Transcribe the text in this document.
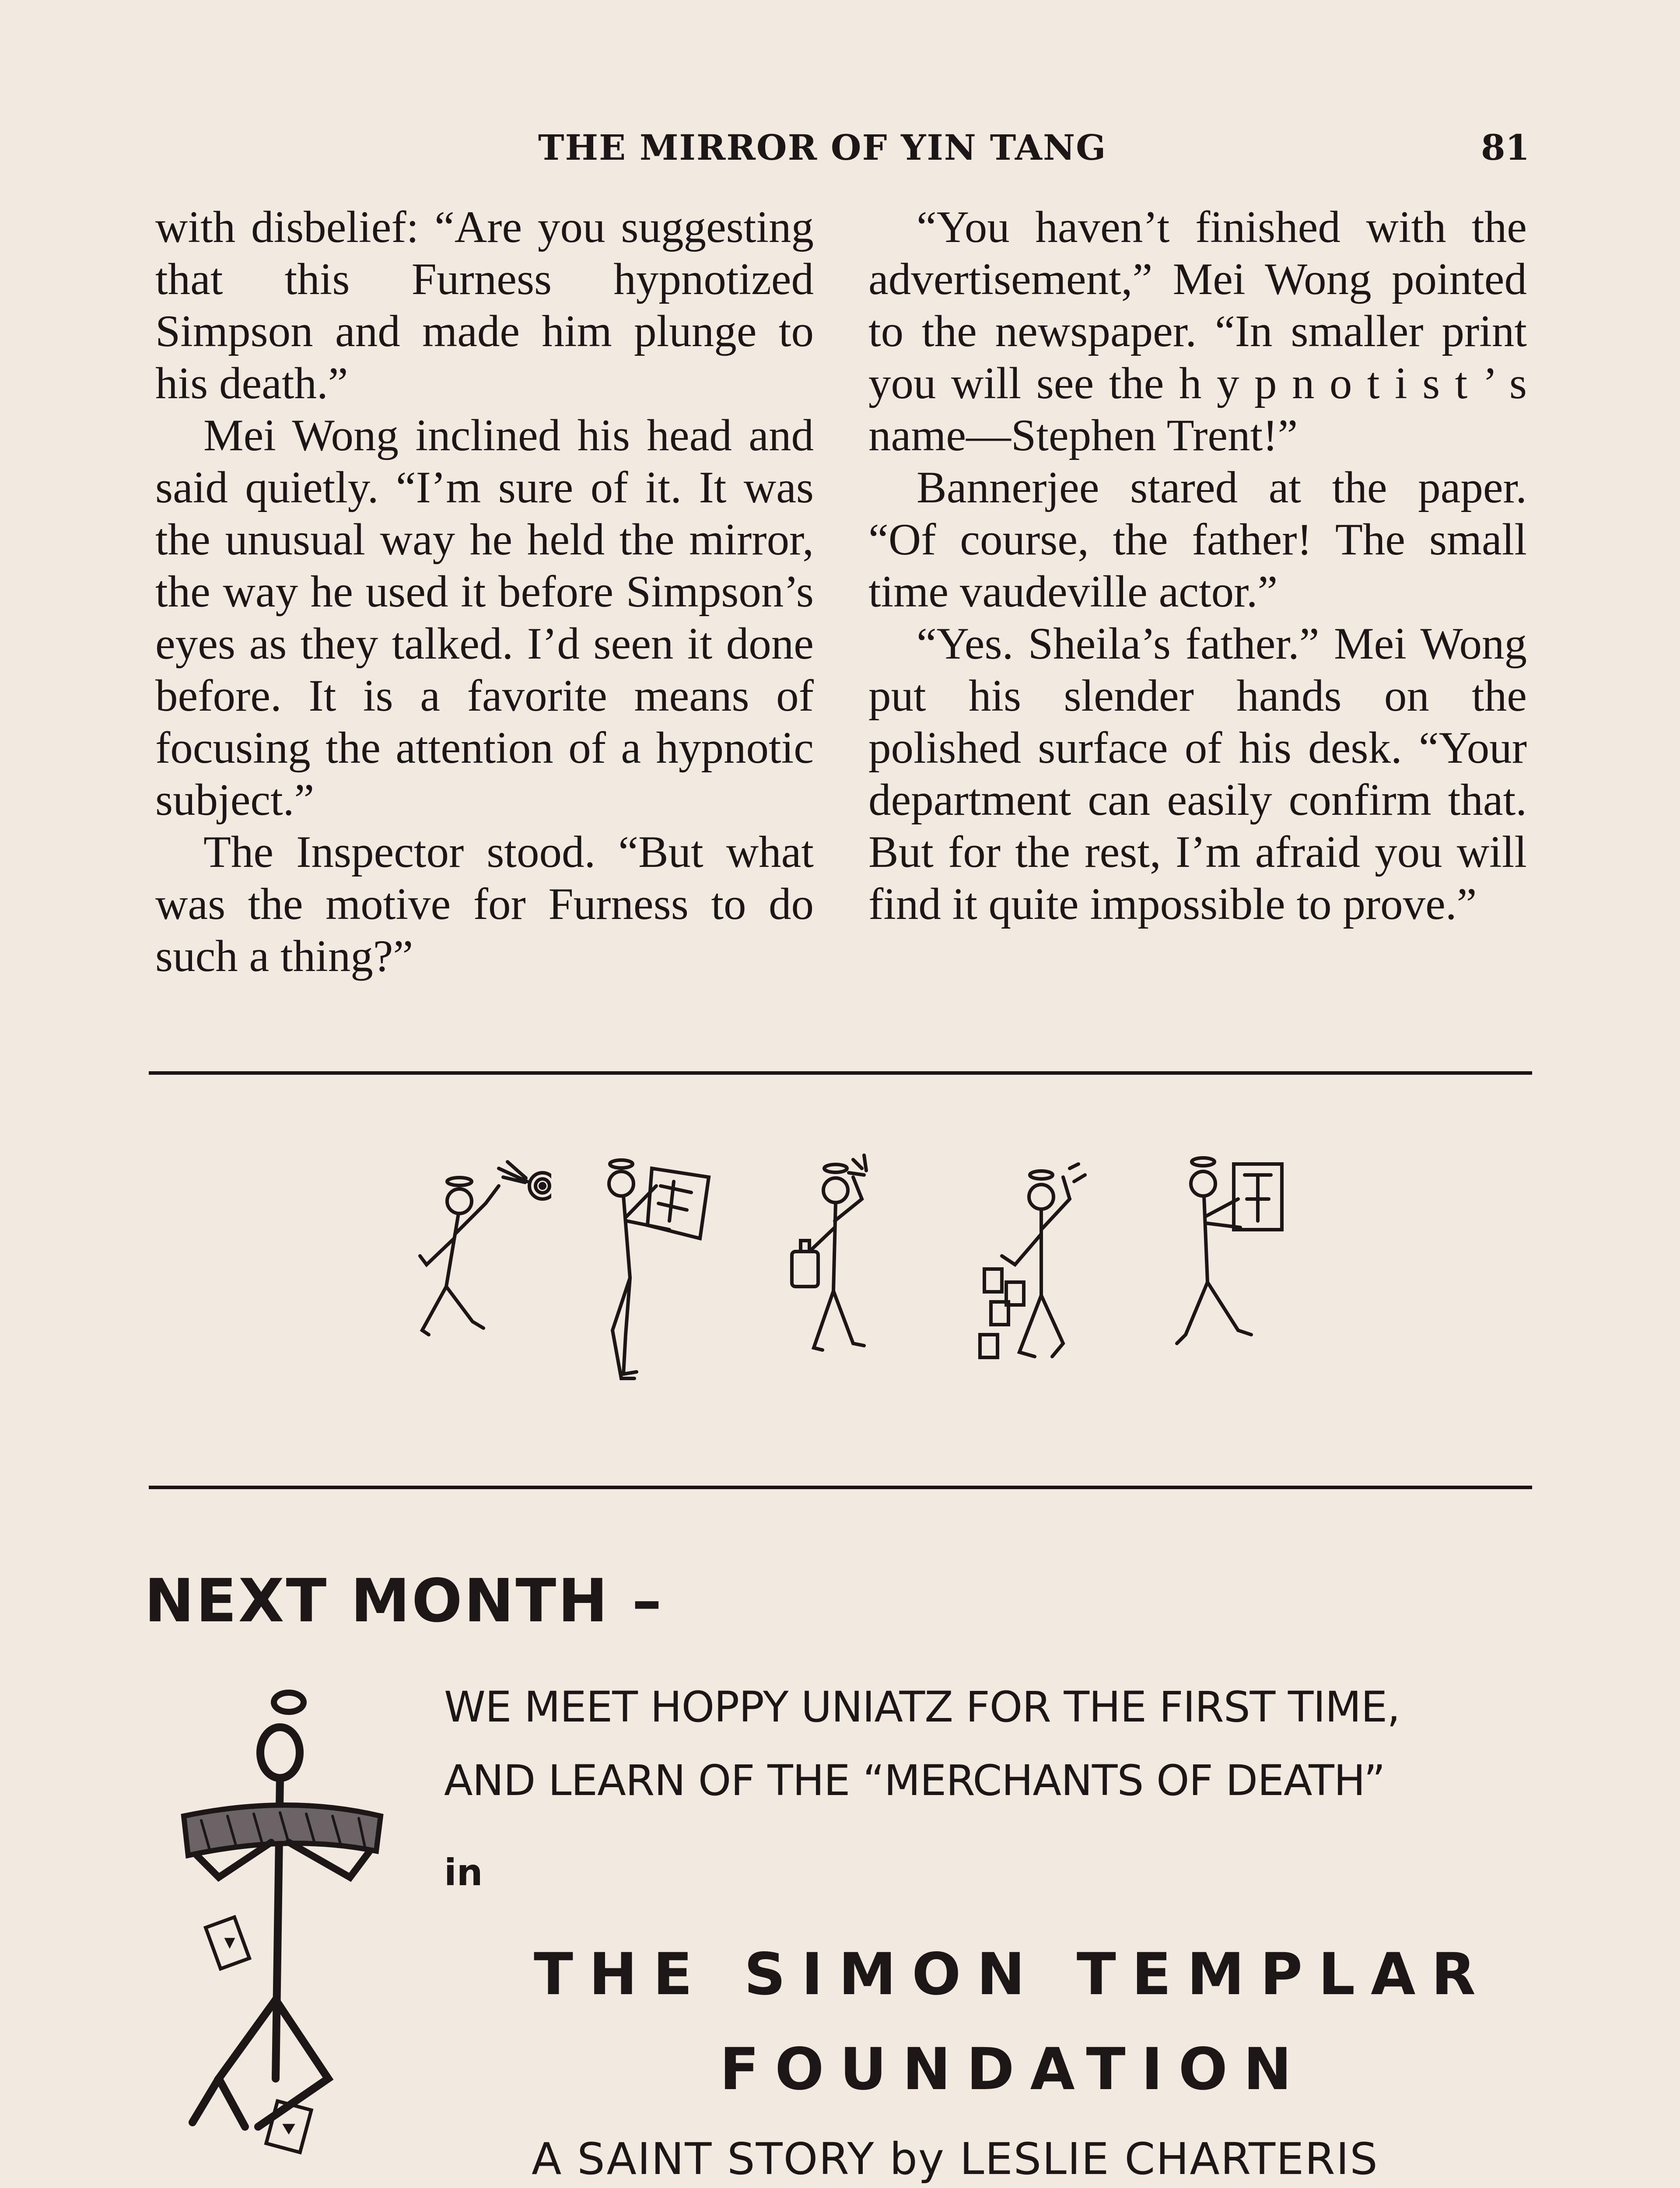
THE MIRROR OF YIN TANG	81

with disbelief: “Are you suggesting that this Furness hypnotized Simpson and made him plunge to his death.”

Mei Wong inclined his head and said quietly. “I’m sure of it. It was the unusual way he held the mirror, the way he used it before Simpson’s eyes as they talked. I’d seen it done before. It is a favorite means of focusing the attention of a hypnotic subject.”

The Inspector stood. “But what was the motive for Furness to do such a thing?”

“You haven’t finished with the advertisement,” Mei Wong pointed to the newspaper. “In smaller print you will see the h y p n o t i s t ’ s name—Stephen Trent!”

Bannerjee stared at the paper. “Of course, the father! The small time vaudeville actor.”

“Yes. Sheila’s father.” Mei Wong put his slender hands on the polished surface of his desk. “Your department can easily confirm that. But for the rest, I’m afraid you will find it quite impossible to prove.”

NEXT MONTH –
WE MEET HOPPY UNIATZ FOR THE FIRST TIME,
AND LEARN OF THE “MERCHANTS OF DEATH”
in
THE SIMON TEMPLAR
FOUNDATION
A SAINT STORY by LESLIE CHARTERIS
